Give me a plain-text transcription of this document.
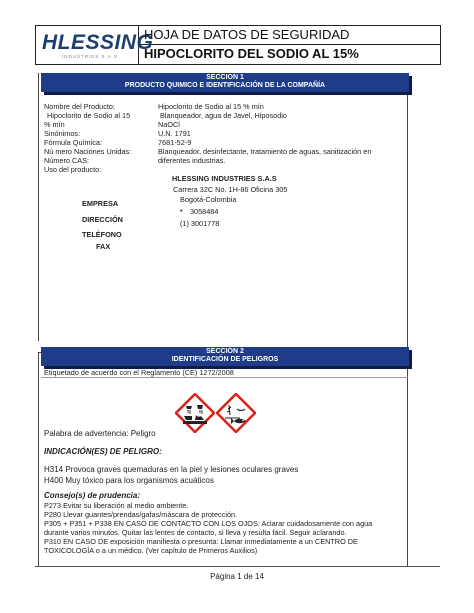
HLESSING
INDUSTRIES S.A.S
HOJA DE DATOS DE SEGURIDAD
HIPOCLORITO DEL SODIO AL 15%
SECCION 1
PRODUCTO QUIMICO E IDENTIFICACIÓN DE LA COMPAÑÍA
Nombre del Producto:
Hipoclorito de Sodio al 15
% mín
Sinónimos:
Fórmula Química:
Nú mero Naciones Unidas:
Número CAS:
Uso del producto:
Hipoclorito de Sodio al 15 % mín
Blanqueador, agua de Javel, Hiposodio
NaOCl
U.N. 1791
7681-52-9
Blanqueador, desinfectante, tratamiento de aguas, sanitización en
diferentes industrias.
HLESSING INDUSTRIES S.A.S
Carrera 32C No. 1H-86 Oficina 305
Bogotá-Colombia
• 3058484
(1) 3001778
EMPRESA
DIRECCIÓN
TELÉFONO
FAX
SECCIÓN 2
IDENTIFICACIÓN DE PELIGROS
Etiquetado de acuerdo con el Reglamento (CE) 1272/2008
Palabra de advertencia: Peligro
INDICACIÓN(ES) DE PELIGRO:
H314 Provoca graves quemaduras en la piel y lesiones oculares graves
H400 Muy tóxico para los organismos acuáticos
Consejo(s) de prudencia:
P273 Evitar su liberación al medio ambiente.
P280 Llevar guantes/prendas/gafas/máscara de protección.
P305 + P351 + P338 EN CASO DE CONTACTO CON LOS OJOS: Aclarar cuidadosamente con agua
durante varios minutos. Quitar las lentes de contacto, si lleva y resulta fácil. Seguir aclarando.
P310 EN CASO DE exposición manifiesta o presunta: Llamar inmediatamente a un CENTRO DE
TOXICOLOGÍA o a un médico. (Ver capítulo de Primeros Auxilios)
Página 1 de 14
